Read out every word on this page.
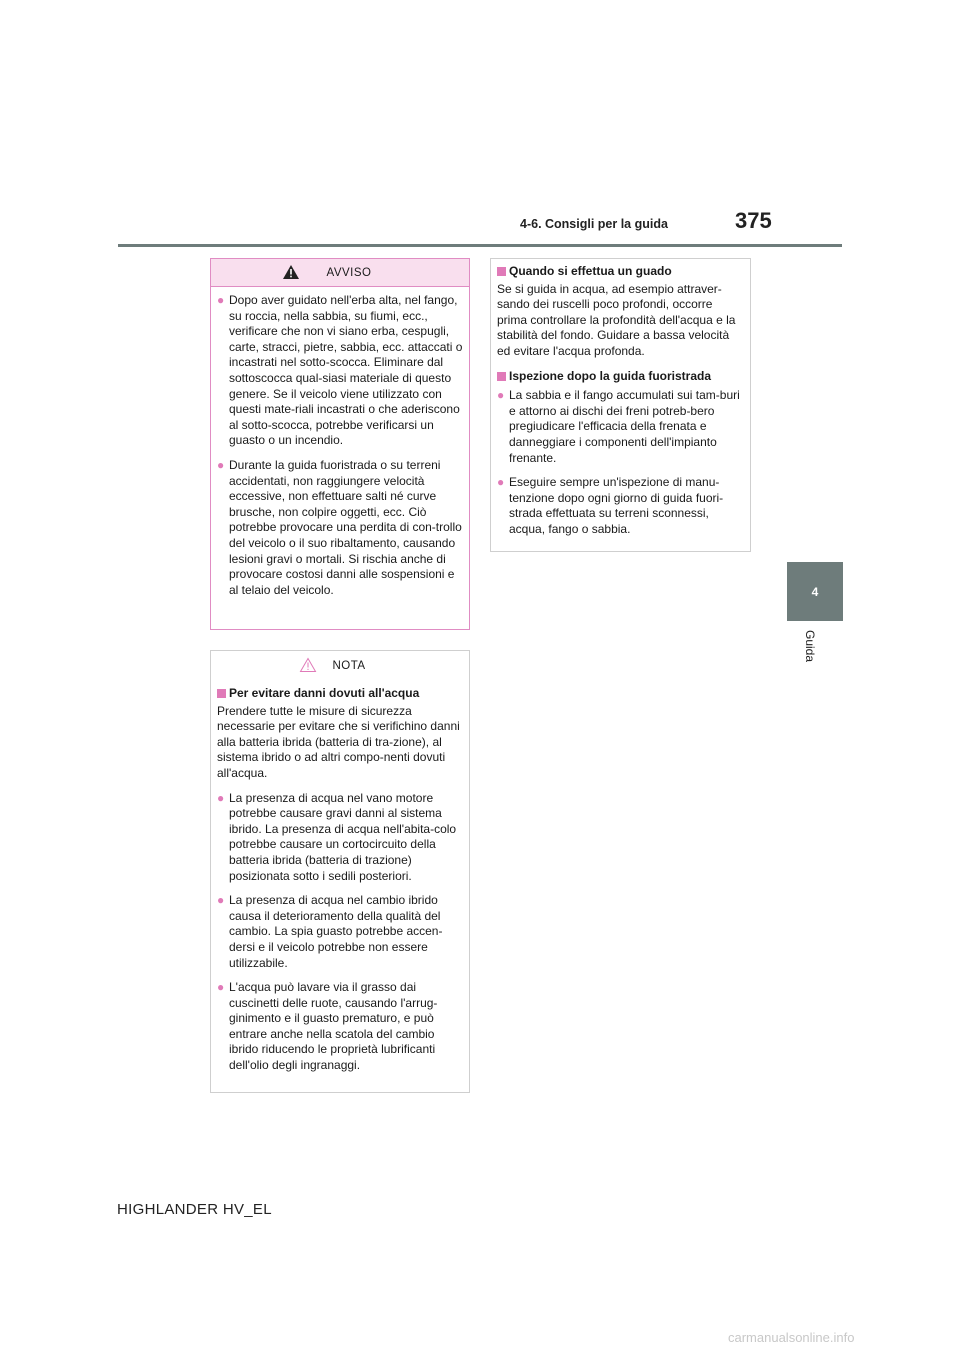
4-6. Consigli per la guida	375
4
Guida
AVVISO
● Dopo aver guidato nell'erba alta, nel fango, su roccia, nella sabbia, su fiumi, ecc., verificare che non vi siano erba, cespugli, carte, stracci, pietre, sabbia, ecc. attaccati o incastrati nel sotto-scocca. Eliminare dal sottoscocca qual-siasi materiale di questo genere. Se il veicolo viene utilizzato con questi mate-riali incastrati o che aderiscono al sotto-scocca, potrebbe verificarsi un guasto o un incendio.
● Durante la guida fuoristrada o su terreni accidentati, non raggiungere velocità eccessive, non effettuare salti né curve brusche, non colpire oggetti, ecc. Ciò potrebbe provocare una perdita di con-trollo del veicolo o il suo ribaltamento, causando lesioni gravi o mortali. Si rischia anche di provocare costosi danni alle sospensioni e al telaio del veicolo.
NOTA
Per evitare danni dovuti all'acqua
Prendere tutte le misure di sicurezza necessarie per evitare che si verifichino danni alla batteria ibrida (batteria di tra-zione), al sistema ibrido o ad altri compo-nenti dovuti all'acqua.
● La presenza di acqua nel vano motore potrebbe causare gravi danni al sistema ibrido. La presenza di acqua nell'abita-colo potrebbe causare un cortocircuito della batteria ibrida (batteria di trazione) posizionata sotto i sedili posteriori.
● La presenza di acqua nel cambio ibrido causa il deterioramento della qualità del cambio. La spia guasto potrebbe accen-dersi e il veicolo potrebbe non essere utilizzabile.
● L'acqua può lavare via il grasso dai cuscinetti delle ruote, causando l'arrug-ginimento e il guasto prematuro, e può entrare anche nella scatola del cambio ibrido riducendo le proprietà lubrificanti dell'olio degli ingranaggi.
Quando si effettua un guado
Se si guida in acqua, ad esempio attraver-sando dei ruscelli poco profondi, occorre prima controllare la profondità dell'acqua e la stabilità del fondo. Guidare a bassa velocità ed evitare l'acqua profonda.
Ispezione dopo la guida fuoristrada
● La sabbia e il fango accumulati sui tam-buri e attorno ai dischi dei freni potreb-bero pregiudicare l'efficacia della frenata e danneggiare i componenti dell'impianto frenante.
● Eseguire sempre un'ispezione di manu-tenzione dopo ogni giorno di guida fuori-strada effettuata su terreni sconnessi, acqua, fango o sabbia.
HIGHLANDER HV_EL
carmanualsonline.info
